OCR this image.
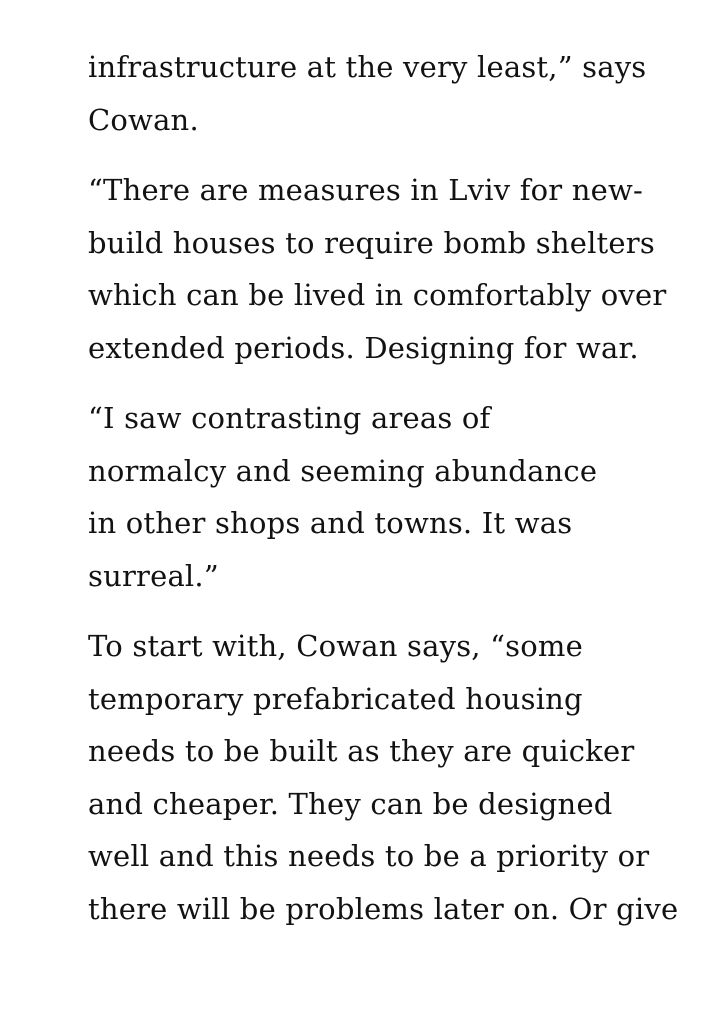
infrastructure at the very least,” says
Cowan.

“There are measures in Lviv for new-
build houses to require bomb shelters
which can be lived in comfortably over
extended periods. Designing for war.

“I saw contrasting areas of
normalcy and seeming abundance
in other shops and towns. It was
surreal.”

To start with, Cowan says, “some
temporary prefabricated housing
needs to be built as they are quicker
and cheaper. They can be designed
well and this needs to be a priority or
there will be problems later on. Or give
